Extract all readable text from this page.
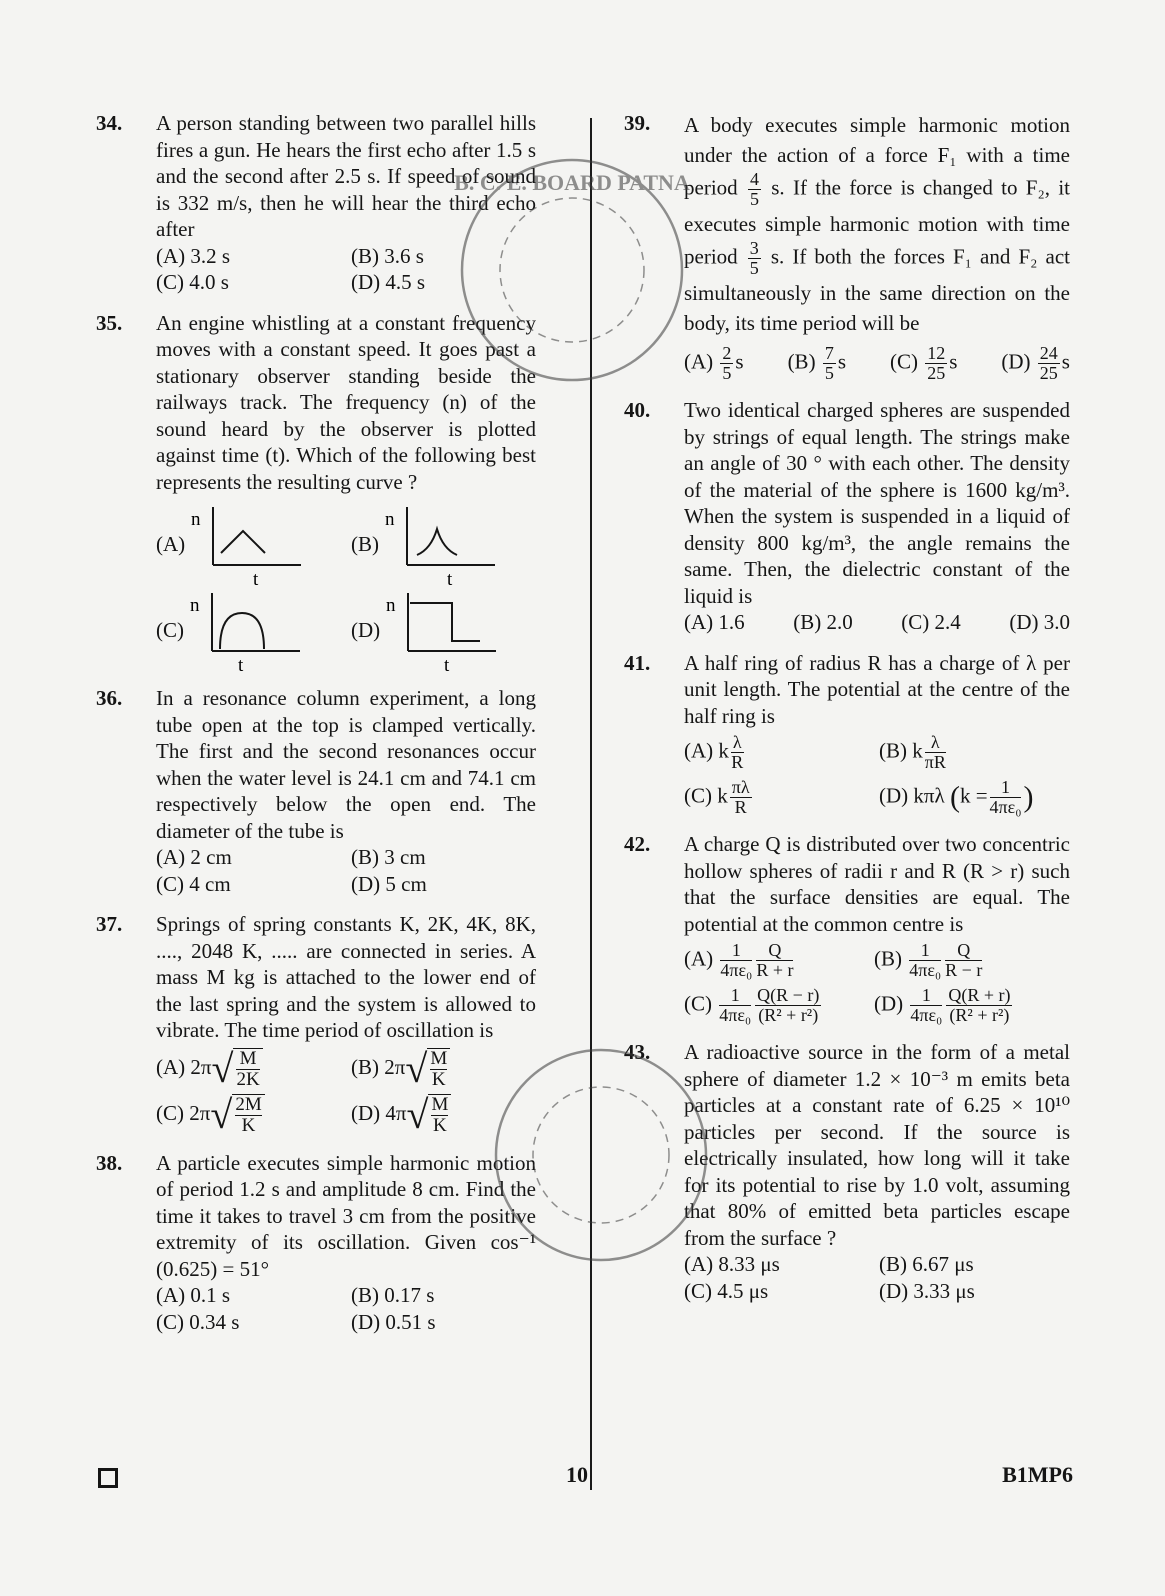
34. A person standing between two parallel hills fires a gun. He hears the first echo after 1.5 s and the second after 2.5 s. If speed of sound is 332 m/s, then he will hear the third echo after
(A) 3.2 s	(B) 3.6 s
(C) 4.0 s	(D) 4.5 s
35. An engine whistling at a constant frequency moves with a constant speed. It goes past a stationary observer standing beside the railways track. The frequency (n) of the sound heard by the observer is plotted against time (t). Which of the following best represents the resulting curve ?
(A)
n
t
(B)
n
t
(C)
n
t
(D)
n
t
36. In a resonance column experiment, a long tube open at the top is clamped vertically. The first and the second resonances occur when the water level is 24.1 cm and 74.1 cm respectively below the open end. The diameter of the tube is
(A) 2 cm	(B) 3 cm
(C) 4 cm	(D) 5 cm
37. Springs of spring constants K, 2K, 4K, 8K, ...., 2048 K, ..... are connected in series. A mass M kg is attached to the lower end of the last spring and the system is allowed to vibrate. The time period of oscillation is
(A) $2\pi√ \frac{M}{2K}$	(B) $2\pi√ \frac{M}{K}$
(C) $2\pi√ \frac{2M}{K}$	(D) $4\pi√ \frac{M}{K}$
38. A particle executes simple harmonic motion of period 1.2 s and amplitude 8 cm. Find the time it takes to travel 3 cm from the positive extremity of its oscillation. Given cos⁻¹ (0.625) = 51°
(A) 0.1 s	(B) 0.17 s
(C) 0.34 s	(D) 0.51 s
39. A body executes simple harmonic motion under the action of a force F₁ with a time period $\frac{4}{5} s$. If the force is changed to F₂, it executes simple harmonic motion with time period $\frac{3}{5} s$. If both the forces F₁ and F₂ act simultaneously in the same direction on the body, its time period will be
$(A) \frac{2}{5}$ s $(B) \frac{7}{5}$ s $(C) \frac{12}{25}$ s $(D) \frac{24}{25}$ s
40. Two identical charged spheres are suspended by strings of equal length. The strings make an angle of 30 ° with each other. The density of the material of the sphere is 1600 kg/m³. When the system is suspended in a liquid of density 800 kg/m³, the angle remains the same. Then, the dielectric constant of the liquid is
(A) 1.6 (B) 2.0 (C) 2.4 (D) 3.0
41. A half ring of radius R has a charge of λ per unit length. The potential at the centre of the half ring is
(A) k $\frac{\lambda}{R}$	(B) k $\frac{\lambda}{\pi R}$
(C) k $\frac{\pi\lambda}{R}$	(D) kπλ ($k = \frac{1}{\text{4πε₀}}$ )
42. A charge Q is distributed over two concentric hollow spheres of radii r and R (R > r) such that the surface densities are equal. The potential at the common centre is
$(A) \frac{1}{\text{4πε₀}} \frac{Q}{R + r}$	$(B) \frac{1}{\text{4πε₀}} \frac{Q}{R - r}$
$(C) \frac{1}{\text{4πε₀}} \frac{Q(R - r)}{\text{(R² + r²)}}$	$(D) \frac{1}{\text{4πε₀}} \frac{Q(R + r)}{\text{(R² + r²)}}$
43. A radioactive source in the form of a metal sphere of diameter 1.2 × 10⁻³ m emits beta particles at a constant rate of 6.25 × 10¹⁰ particles per second. If the source is electrically insulated, how long will it take for its potential to rise by 1.0 volt, assuming that 80% of emitted beta particles escape from the surface ?
(A) 8.33 μs	(B) 6.67 μs
(C) 4.5 μs	(D) 3.33 μs
B. C. E. BOARD PATNA
10	B1MP6
